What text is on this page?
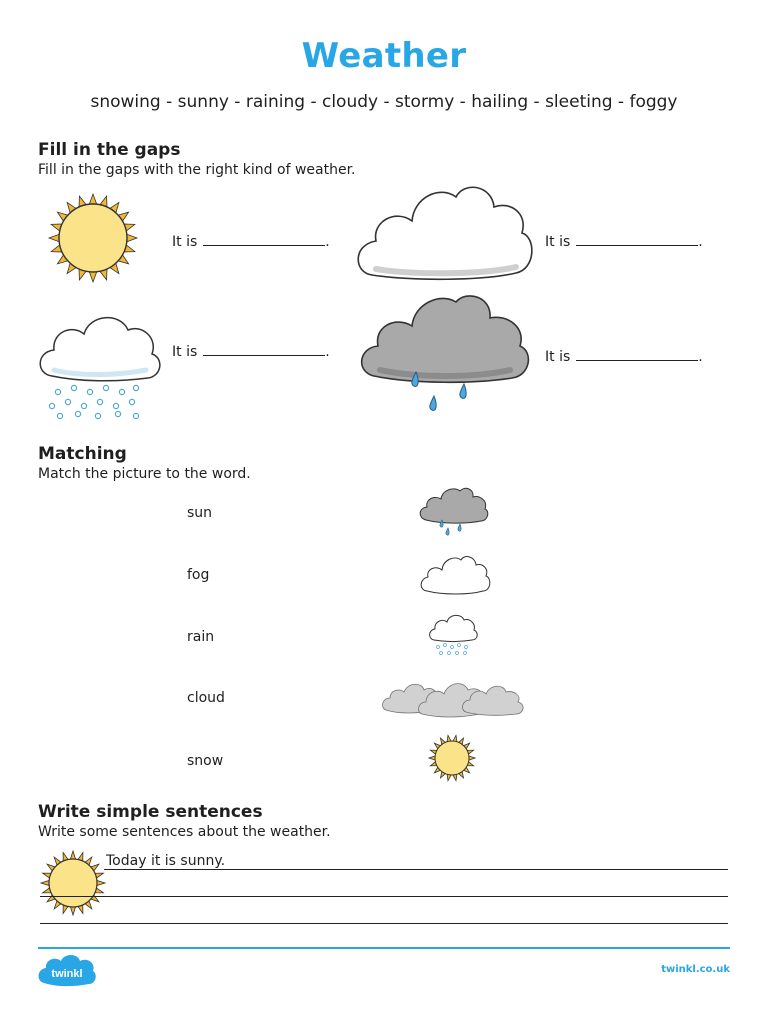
Weather
snowing - sunny - raining - cloudy - stormy - hailing - sleeting - foggy
Fill in the gaps
Fill in the gaps with the right kind of weather.
It is	.	It is	.
It is	.	It is	.
Matching
Match the picture to the word.
sun
fog
rain
cloud
snow
Write simple sentences
Write some sentences about the weather.
Today it is sunny.
twinkl	twinkl.co.uk
